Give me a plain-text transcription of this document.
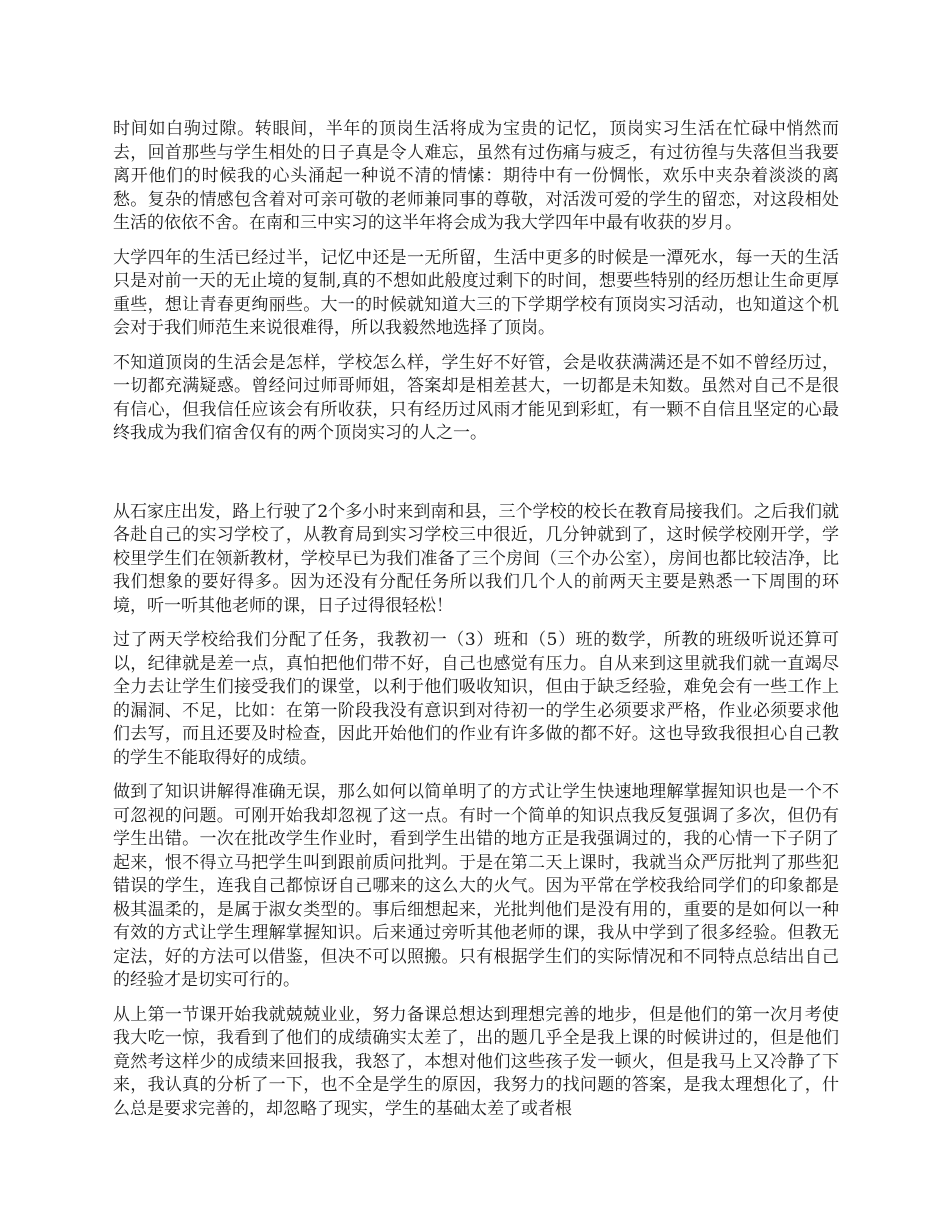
时间如白驹过隙。转眼间，半年的顶岗生活将成为宝贵的记忆，顶岗实习生活在忙碌中悄然而去，回首那些与学生相处的日子真是令人难忘，虽然有过伤痛与疲乏，有过彷徨与失落但当我要离开他们的时候我的心头涌起一种说不清的情愫：期待中有一份惆怅，欢乐中夹杂着淡淡的离愁。复杂的情感包含着对可亲可敬的老师兼同事的尊敬，对活泼可爱的学生的留恋，对这段相处生活的依依不舍。在南和三中实习的这半年将会成为我大学四年中最有收获的岁月。

大学四年的生活已经过半，记忆中还是一无所留，生活中更多的时候是一潭死水，每一天的生活只是对前一天的无止境的复制,真的不想如此般度过剩下的时间，想要些特别的经历想让生命更厚重些，想让青春更绚丽些。大一的时候就知道大三的下学期学校有顶岗实习活动，也知道这个机会对于我们师范生来说很难得，所以我毅然地选择了顶岗。

不知道顶岗的生活会是怎样，学校怎么样，学生好不好管，会是收获满满还是不如不曾经历过，一切都充满疑惑。曾经问过师哥师姐，答案却是相差甚大，一切都是未知数。虽然对自己不是很有信心，但我信任应该会有所收获，只有经历过风雨才能见到彩虹，有一颗不自信且坚定的心最终我成为我们宿舍仅有的两个顶岗实习的人之一。

从石家庄出发，路上行驶了2个多小时来到南和县，三个学校的校长在教育局接我们。之后我们就各赴自己的实习学校了，从教育局到实习学校三中很近，几分钟就到了，这时候学校刚开学，学校里学生们在领新教材，学校早已为我们准备了三个房间（三个办公室），房间也都比较洁净，比我们想象的要好得多。因为还没有分配任务所以我们几个人的前两天主要是熟悉一下周围的环境，听一听其他老师的课，日子过得很轻松！

过了两天学校给我们分配了任务，我教初一（3）班和（5）班的数学，所教的班级听说还算可以，纪律就是差一点，真怕把他们带不好，自己也感觉有压力。自从来到这里就我们就一直竭尽全力去让学生们接受我们的课堂，以利于他们吸收知识，但由于缺乏经验，难免会有一些工作上的漏洞、不足，比如：在第一阶段我没有意识到对待初一的学生必须要求严格，作业必须要求他们去写，而且还要及时检查，因此开始他们的作业有许多做的都不好。这也导致我很担心自己教的学生不能取得好的成绩。

做到了知识讲解得准确无误，那么如何以简单明了的方式让学生快速地理解掌握知识也是一个不可忽视的问题。可刚开始我却忽视了这一点。有时一个简单的知识点我反复强调了多次，但仍有学生出错。一次在批改学生作业时，看到学生出错的地方正是我强调过的，我的心情一下子阴了起来，恨不得立马把学生叫到跟前质问批判。于是在第二天上课时，我就当众严厉批判了那些犯错误的学生，连我自己都惊讶自己哪来的这么大的火气。因为平常在学校我给同学们的印象都是极其温柔的，是属于淑女类型的。事后细想起来，光批判他们是没有用的，重要的是如何以一种有效的方式让学生理解掌握知识。后来通过旁听其他老师的课，我从中学到了很多经验。但教无定法，好的方法可以借鉴，但决不可以照搬。只有根据学生们的实际情况和不同特点总结出自己的经验才是切实可行的。

从上第一节课开始我就兢兢业业，努力备课总想达到理想完善的地步，但是他们的第一次月考使我大吃一惊，我看到了他们的成绩确实太差了，出的题几乎全是我上课的时候讲过的，但是他们竟然考这样少的成绩来回报我，我怒了，本想对他们这些孩子发一顿火，但是我马上又冷静了下来，我认真的分析了一下，也不全是学生的原因，我努力的找问题的答案，是我太理想化了，什么总是要求完善的，却忽略了现实，学生的基础太差了或者根
